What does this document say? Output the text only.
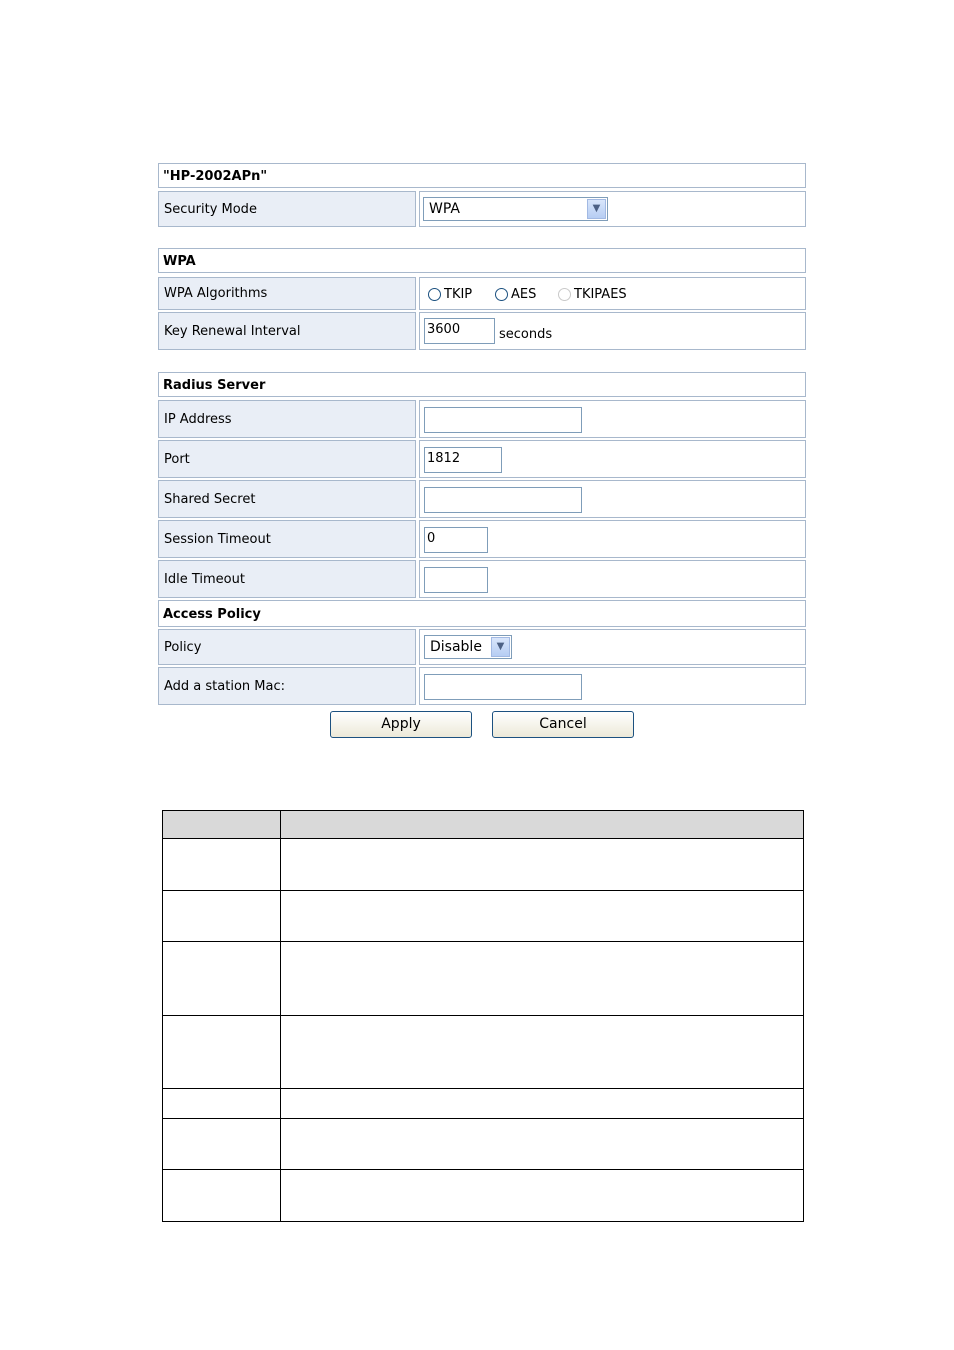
"HP-2002APn"
Security Mode	WPA	▼
WPA
WPA Algorithms	TKIP	AES	TKIPAES
Key Renewal Interval	3600	seconds
Radius Server
IP Address
Port	1812
Shared Secret
Session Timeout	0
Idle Timeout
Access Policy
Policy	Disable	▼
Add a station Mac:
Apply	Cancel
